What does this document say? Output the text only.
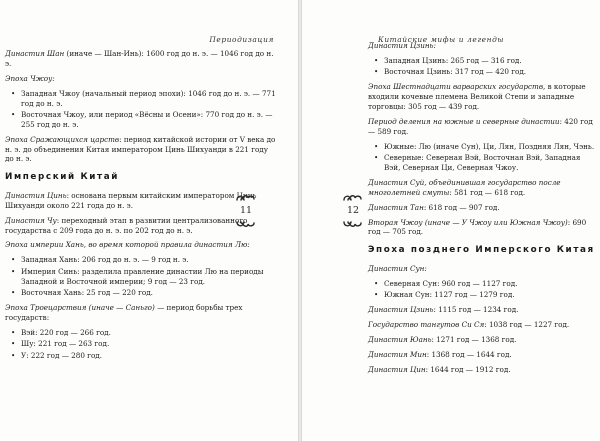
Периодизация

Династия Шан (иначе — Шан-Инь): 1600 год до н. э. — 1046 год до н. э.

Эпоха Чжоу:

• Западная Чжоу (начальный период эпохи): 1046 год до н. э. — 771 год до н. э.
• Восточная Чжоу, или период «Вёсны и Осени»: 770 год до н. э. — 255 год до н. э.

Эпоха Сражающихся царств: период китайской истории от V века до н. э. до объединения Китая императором Цинь Шихуанди в 221 году до н. э.

Имперский Китай

Династия Цинь: основана первым китайским императором Цинь Шихуанди около 221 года до н. э.

Династия Чу: переходный этап в развитии централизованного государства с 209 года до н. э. по 202 год до н. э.

Эпоха империи Хань, во время которой правила династия Лю:

• Западная Хань: 206 год до н. э. — 9 год н. э.
• Империя Синь: разделила правление династии Лю на периоды Западной и Восточной империи; 9 год — 23 год.
• Восточная Хань: 25 год — 220 год.

Эпоха Троецарствия (иначе — Саньго) — период борьбы трех государств:

• Вэй: 220 год — 266 год.
• Шу: 221 год — 263 год.
• У: 222 год — 280 год.
Китайские мифы и легенды

Династия Цзинь:

• Западная Цзинь: 265 год — 316 год.
• Восточная Цзинь: 317 год — 420 год.

Эпоха Шестнадцати варварских государств, в которые входили кочевые племена Великой Степи и западные торговцы: 305 год — 439 год.

Период деления на южные и северные династии: 420 год — 589 год.

• Южные: Лю (иначе Сун), Ци, Лян, Поздняя Лян, Чэнь.
• Северные: Северная Вэй, Восточная Вэй, Западная Вэй, Северная Ци, Северная Чжоу.

Династия Суй, объединившая государство после многолетней смуты: 581 год — 618 год.

Династия Тан: 618 год — 907 год.

Вторая Чжоу (иначе — У Чжоу или Южная Чжоу): 690 год — 705 год.

Эпоха позднего Имперского Китая

Династия Сун:

• Северная Сун: 960 год — 1127 год.
• Южная Сун: 1127 год — 1279 год.

Династия Цзинь: 1115 год — 1234 год.

Государство тангутов Си Ся: 1038 год — 1227 год.

Династия Юань: 1271 год — 1368 год.

Династия Мин: 1368 год — 1644 год.

Династия Цин: 1644 год — 1912 год.

11	12
